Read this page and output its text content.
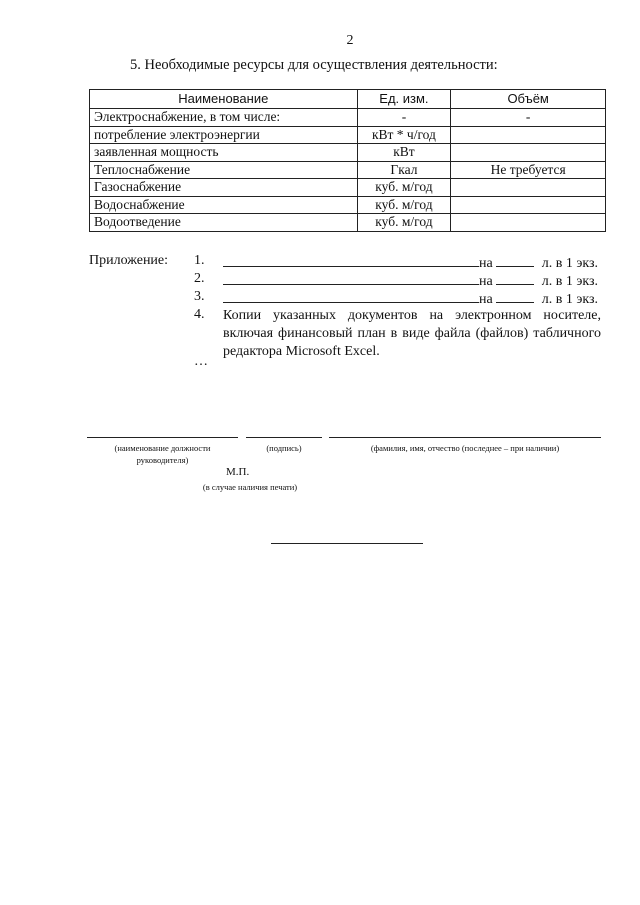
2
5. Необходимые ресурсы для осуществления деятельности:
Наименование	Ед. изм.	Объём
Электроснабжение, в том числе:	-	-
потребление электроэнергии	кВт * ч/год	
заявленная мощность	кВт	
Теплоснабжение	Гкал	Не требуется
Газоснабжение	куб. м/год	
Водоснабжение	куб. м/год	
Водоотведение	куб. м/год	
Приложение: 1.	на	л. в 1 экз.
2.	на	л. в 1 экз.
3.	на	л. в 1 экз.
4. Копии указанных документов на электронном носителе, включая финансовый план в виде файла (файлов) табличного редактора Microsoft Excel.
…
(наименование должности
руководителя)
(подпись)	(фамилия, имя, отчество (последнее – при наличии)
М.П.
(в случае наличия печати)
